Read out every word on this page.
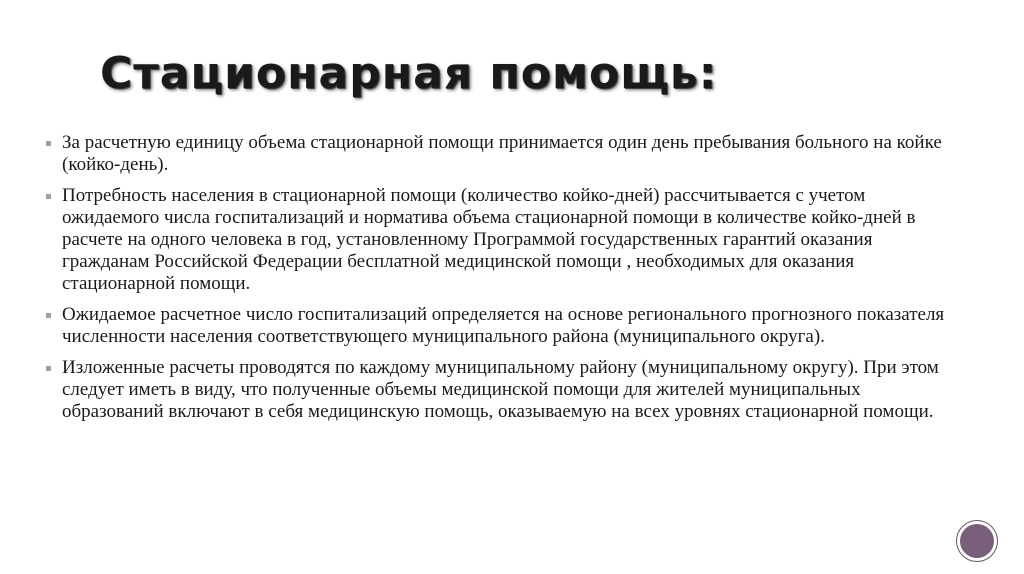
Стационарная помощь:
За расчетную единицу объема стационарной помощи принимается один день пребывания больного на койке (койко-день).
Потребность населения в стационарной помощи (количество койко-дней) рассчитывается с учетом ожидаемого числа госпитализаций и норматива объема стационарной помощи в количестве койко-дней в расчете на одного человека в год, установленному Программой государственных гарантий оказания гражданам Российской Федерации бесплатной медицинской помощи , необходимых для оказания стационарной помощи.
Ожидаемое расчетное число госпитализаций определяется на основе регионального прогнозного показателя численности населения соответствующего муниципального района (муниципального округа).
Изложенные расчеты проводятся по каждому муниципальному району (муниципальному округу). При этом следует иметь в виду, что полученные объемы медицинской помощи для жителей муниципальных образований включают в себя медицинскую помощь, оказываемую на всех уровнях стационарной помощи.
